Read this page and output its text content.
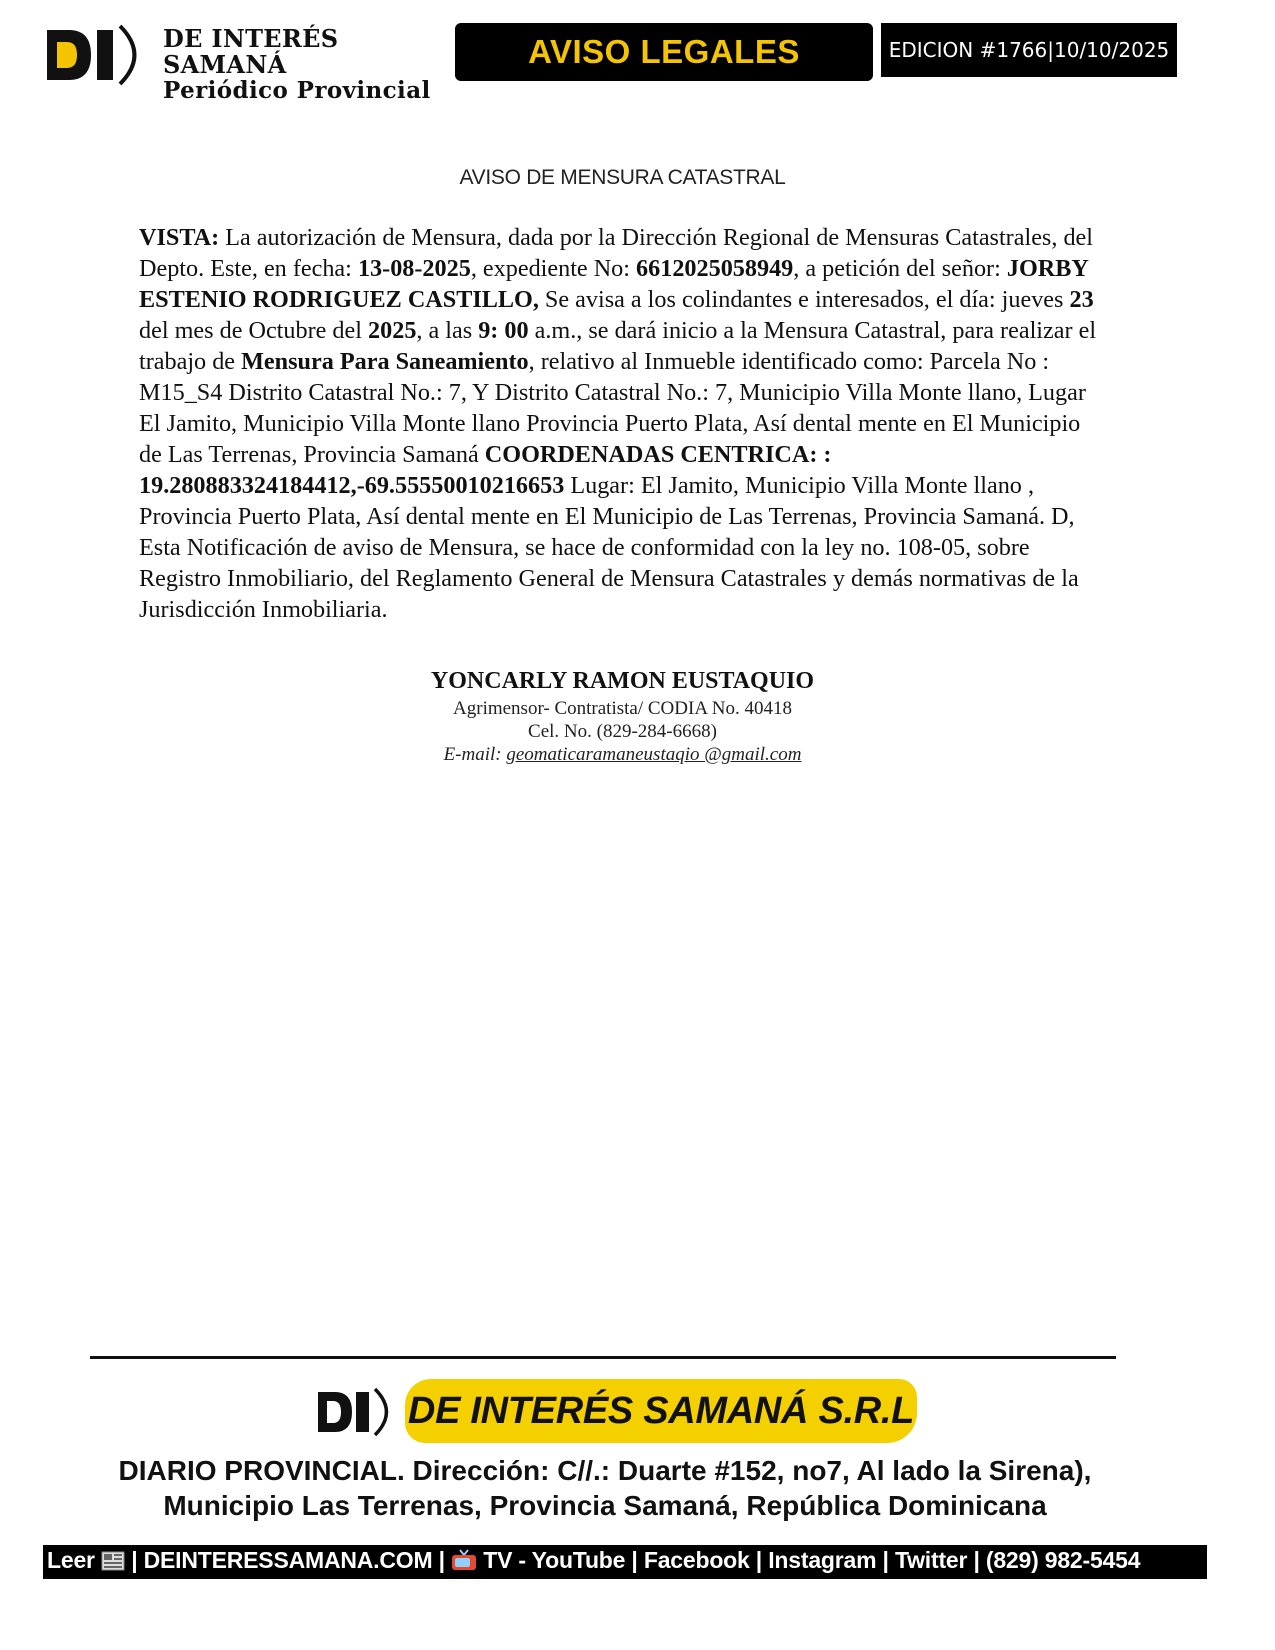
DE INTERÉS SAMANÁ
Periódico Provincial
AVISO LEGALES	EDICION #1766|10/10/2025
AVISO DE MENSURA CATASTRAL
VISTA: La autorización de Mensura, dada por la Dirección Regional de Mensuras Catastrales, del Depto. Este, en fecha: 13-08-2025, expediente No: 6612025058949, a petición del señor: JORBY ESTENIO RODRIGUEZ CASTILLO, Se avisa a los colindantes e interesados, el día: jueves 23 del mes de Octubre del 2025, a las 9: 00 a.m., se dará inicio a la Mensura Catastral, para realizar el trabajo de Mensura Para Saneamiento, relativo al Inmueble identificado como: Parcela No : M15_S4 Distrito Catastral No.: 7, Y Distrito Catastral No.: 7, Municipio Villa Monte llano, Lugar El Jamito, Municipio Villa Monte llano Provincia Puerto Plata, Así dental mente en El Municipio de Las Terrenas, Provincia Samaná COORDENADAS CENTRICA: : 19.280883324184412,-69.55550010216653 Lugar: El Jamito, Municipio Villa Monte llano , Provincia Puerto Plata, Así dental mente en El Municipio de Las Terrenas, Provincia Samaná. D, Esta Notificación de aviso de Mensura, se hace de conformidad con la ley no. 108-05, sobre Registro Inmobiliario, del Reglamento General de Mensura Catastrales y demás normativas de la Jurisdicción Inmobiliaria.
YONCARLY RAMON EUSTAQUIO
Agrimensor- Contratista/ CODIA No. 40418
Cel. No. (829-284-6668)
E-mail: geomaticaramaneustaqio @gmail.com
DE INTERÉS SAMANÁ S.R.L
DIARIO PROVINCIAL. Dirección: C//.: Duarte #152, no7, Al lado la Sirena),
Municipio Las Terrenas, Provincia Samaná, República Dominicana
Leer  | DEINTERESSAMANA.COM |  TV - YouTube | Facebook | Instagram | Twitter | (829) 982-5454
